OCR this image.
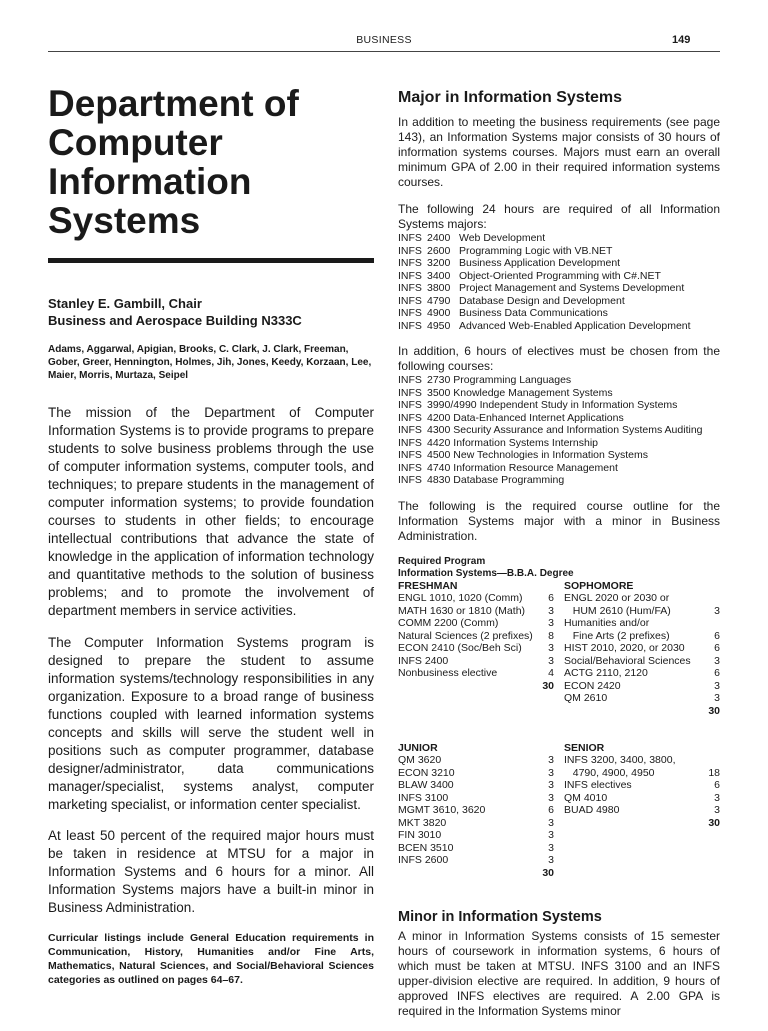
BUSINESS	149
Department of
Computer
Information
Systems
Stanley E. Gambill, Chair
Business and Aerospace Building N333C
Adams, Aggarwal, Apigian, Brooks, C. Clark, J. Clark, Freeman, Gober, Greer, Hennington, Holmes, Jih, Jones, Keedy, Korzaan, Lee, Maier, Morris, Murtaza, Seipel

The mission of the Department of Computer Information Systems is to provide programs to prepare students to solve business problems through the use of computer information systems, computer tools, and techniques; to prepare students in the management of computer information systems; to provide foundation courses to students in other fields; to encourage intellectual contributions that advance the state of knowledge in the application of information technology and quantitative methods to the solution of business problems; and to promote the involvement of department members in service activities.

The Computer Information Systems program is designed to prepare the student to assume information systems/technology responsibilities in any organization. Exposure to a broad range of business functions coupled with learned information systems concepts and skills will serve the student well in positions such as computer programmer, database designer/administrator, data communications manager/specialist, systems analyst, computer marketing specialist, or information center specialist.

At least 50 percent of the required major hours must be taken in residence at MTSU for a major in Information Systems and 6 hours for a minor. All Information Systems majors have a built-in minor in Business Administration.

Curricular listings include General Education requirements in Communication, History, Humanities and/or Fine Arts, Mathematics, Natural Sciences, and Social/Behavioral Sciences categories as outlined on pages 64–67.

Major in Information Systems

In addition to meeting the business requirements (see page 143), an Information Systems major consists of 30 hours of information systems courses. Majors must earn an overall minimum GPA of 2.00 in their required information systems courses.

The following 24 hours are required of all Information Systems majors:

INFS	2400	Web Development
INFS	2600	Programming Logic with VB.NET
INFS	3200	Business Application Development
INFS	3400	Object-Oriented Programming with C#.NET
INFS	3800	Project Management and Systems Development
INFS	4790	Database Design and Development
INFS	4900	Business Data Communications
INFS	4950	Advanced Web-Enabled Application Development

In addition, 6 hours of electives must be chosen from the following courses:

INFS	2730 Programming Languages
INFS	3500 Knowledge Management Systems
INFS	3990/4990 Independent Study in Information Systems
INFS	4200 Data-Enhanced Internet Applications
INFS	4300 Security Assurance and Information Systems Auditing
INFS	4420 Information Systems Internship
INFS	4500 New Technologies in Information Systems
INFS	4740 Information Resource Management
INFS	4830 Database Programming

The following is the required course outline for the Information Systems major with a minor in Business Administration.

Required Program
Information Systems—B.B.A. Degree
FRESHMAN
ENGL 1010, 1020 (Comm)	6
MATH 1630 or 1810 (Math)	3
COMM 2200 (Comm)	3
Natural Sciences (2 prefixes)	8
ECON 2410 (Soc/Beh Sci)	3
INFS 2400	3
Nonbusiness elective	4
30
SOPHOMORE
ENGL 2020 or 2030 or
HUM 2610 (Hum/FA)	3
Humanities and/or
Fine Arts (2 prefixes)	6
HIST 2010, 2020, or 2030	6
Social/Behavioral Sciences	3
ACTG 2110, 2120	6
ECON 2420	3
QM 2610	3
30
JUNIOR
QM 3620	3
ECON 3210	3
BLAW 3400	3
INFS 3100	3
MGMT 3610, 3620	6
MKT 3820	3
FIN 3010	3
BCEN 3510	3
INFS 2600	3
30
SENIOR
INFS 3200, 3400, 3800,
4790, 4900, 4950	18
INFS electives	6
QM 4010	3
BUAD 4980	3
30
Minor in Information Systems

A minor in Information Systems consists of 15 semester hours of coursework in information systems, 6 hours of which must be taken at MTSU. INFS 3100 and an INFS upper-division elective are required. In addition, 9 hours of approved INFS electives are required. A 2.00 GPA is required in the Information Systems minor
